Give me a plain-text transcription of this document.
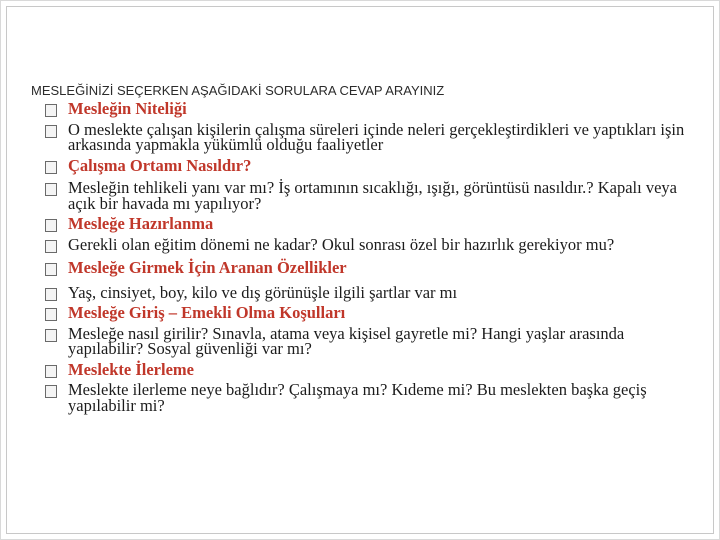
MESLEĞİNİZİ SEÇERKEN AŞAĞIDAKİ SORULARA CEVAP ARAYINIZ
Mesleğin Niteliği
O meslekte çalışan kişilerin çalışma süreleri içinde neleri gerçekleştirdikleri ve yaptıkları işin arkasında yapmakla yükümlü olduğu faaliyetler
Çalışma Ortamı Nasıldır?
Mesleğin tehlikeli yanı var mı? İş ortamının sıcaklığı, ışığı, görüntüsü nasıldır.? Kapalı veya açık bir havada mı yapılıyor?
Mesleğe Hazırlanma
Gerekli olan eğitim dönemi ne kadar? Okul sonrası özel bir hazırlık gerekiyor mu?
Mesleğe Girmek İçin Aranan Özellikler
Yaş, cinsiyet, boy, kilo ve dış görünüşle ilgili şartlar var mı
Mesleğe Giriş – Emekli Olma Koşulları
Mesleğe nasıl girilir? Sınavla, atama veya kişisel gayretle mi? Hangi yaşlar arasında yapılabilir? Sosyal güvenliği var mı?
Meslekte İlerleme
Meslekte ilerleme neye bağlıdır? Çalışmaya mı? Kıdeme mi? Bu meslekten başka geçiş yapılabilir mi?
